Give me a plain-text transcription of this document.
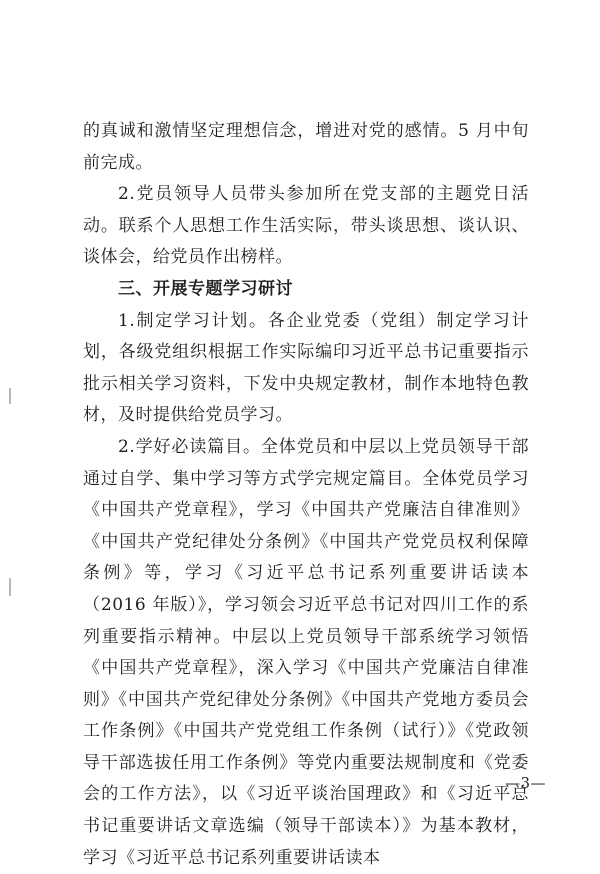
的真诚和激情坚定理想信念，增进对党的感情。5 月中旬前完成。

2.党员领导人员带头参加所在党支部的主题党日活动。联系个人思想工作生活实际，带头谈思想、谈认识、谈体会，给党员作出榜样。

三、开展专题学习研讨

1.制定学习计划。各企业党委（党组）制定学习计划，各级党组织根据工作实际编印习近平总书记重要指示批示相关学习资料，下发中央规定教材，制作本地特色教材，及时提供给党员学习。

2.学好必读篇目。全体党员和中层以上党员领导干部通过自学、集中学习等方式学完规定篇目。全体党员学习《中国共产党章程》，学习《中国共产党廉洁自律准则》《中国共产党纪律处分条例》《中国共产党党员权利保障条例》等，学习《习近平总书记系列重要讲话读本（2016 年版）》，学习领会习近平总书记对四川工作的系列重要指示精神。中层以上党员领导干部系统学习领悟《中国共产党章程》，深入学习《中国共产党廉洁自律准则》《中国共产党纪律处分条例》《中国共产党地方委员会工作条例》《中国共产党党组工作条例（试行）》《党政领导干部选拔任用工作条例》等党内重要法规制度和《党委会的工作方法》，以《习近平谈治国理政》和《习近平总书记重要讲话文章选编（领导干部读本）》为基本教材，学习《习近平总书记系列重要讲话读本

—3—
